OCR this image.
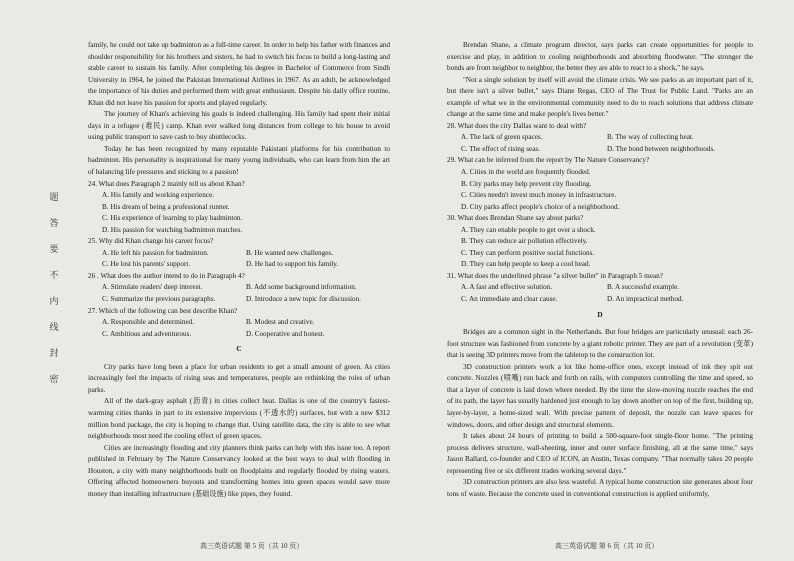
题
答
要
不
内
线
封
密

family, he could not take up badminton as a full-time career. In order to help his father with finances and shoulder responsibility for his brothers and sisters, he had to switch his focus to build a long-lasting and stable career to sustain his family. After completing his degree in Bachelor of Commerce from Sindh University in 1964, he joined the Pakistan International Airlines in 1967. As an adult, he acknowledged the importance of his duties and performed them with great enthusiasm. Despite his daily office routine, Khan did not leave his passion for sports and played regularly.

The journey of Khan's achieving his goals is indeed challenging. His family had spent their initial days in a refugee (难民) camp. Khan ever walked long distances from college to his house to avoid using public transport to save cash to buy shuttlecocks.

Today he has been recognized by many reputable Pakistani platforms for his contribution to badminton. His personality is inspirational for many young individuals, who can learn from him the art of balancing life pressures and sticking to a passion!

24. What does Paragraph 2 mainly tell us about Khan?

A. His family and working experience.
B. His dream of being a professional runner.
C. His experience of learning to play badminton.
D. His passion for watching badminton matches.

25. Why did Khan change his career focus?

A. He left his passion for badminton.	B. He wanted new challenges.
C. He lost his parents' support.	D. He had to support his family.

26 . What does the author intend to do in Paragraph 4?

A. Stimulate readers' deep interest.	B. Add some background information.
C. Summarize the previous paragraphs.	D. Introduce a new topic for discussion.

27. Which of the following can best describe Khan?

A. Responsible and determined.	B. Modest and creative.
C. Ambitious and adventurous.	D. Cooperative and honest.
C

City parks have long been a place for urban residents to get a small amount of green. As cities increasingly feel the impacts of rising seas and temperatures, people are rethinking the roles of urban parks.

All of the dark-gray asphalt (沥青) in cities collect heat. Dallas is one of the country's fastest-warming cities thanks in part to its extensive impervious (不透水的) surfaces, but with a new $312 million bond package, the city is hoping to change that. Using satellite data, the city is able to see what neighborhoods most need the cooling effect of green spaces.

Cities are increasingly flooding and city planners think parks can help with this issue too. A report published in February by The Nature Conservancy looked at the best ways to deal with flooding in Houston, a city with many neighborhoods built on floodplains and regularly flooded by rising waters. Offering affected homeowners buyouts and transforming homes into green spaces would save more money than installing infrastructure (基础设施) like pipes, they found.

Brendan Shane, a climate program director, says parks can create opportunities for people to exercise and play, in addition to cooling neighborhoods and absorbing floodwater. "The stronger the bonds are from neighbor to neighbor, the better they are able to react to a shock," he says.

"Not a single solution by itself will avoid the climate crisis. We see parks as an important part of it, but there isn't a silver bullet," says Diane Regas, CEO of The Trust for Public Land. "Parks are an example of what we in the environmental community need to do to reach solutions that address climate change at the same time and make people's lives better."

28. What does the city Dallas want to deal with?

A. The lack of green spaces.	B. The way of collecting heat.
C. The effect of rising seas.	D. The bond between neighborhoods.

29. What can be inferred from the report by The Nature Conservancy?

A. Cities in the world are frequently flooded.
B. City parks may help prevent city flooding.
C. Cities needn't invest much money in infrastructure.
D. City parks affect people's choice of a neighborhood.

30. What does Brendan Shane say about parks?

A. They can enable people to get over a shock.
B. They can reduce air pollution effectively.
C. They can perform positive social functions.
D. They can help people to keep a cool head.

31. What does the underlined phrase "a silver bullet" in Paragraph 5 mean?

A. A fast and effective solution.	B. A successful example.
C. An immediate and clear cause.	D. An impractical method.
D

Bridges are a common sight in the Netherlands. But four bridges are particularly unusual: each 26-foot structure was fashioned from concrete by a giant robotic printer. They are part of a revolution (变革) that is seeing 3D printers move from the tabletop to the construction lot.

3D construction printers work a lot like home-office ones, except instead of ink they spit out concrete. Nozzles (喷嘴) run back and forth on rails, with computers controlling the time and speed, so that a layer of concrete is laid down where needed. By the time the slow-moving nozzle reaches the end of its path, the layer has usually hardened just enough to lay down another on top of the first, building up, layer-by-layer, a home-sized wall. With precise pattern of deposit, the nozzle can leave spaces for windows, doors, and other design and structural elements.

It takes about 24 hours of printing to build a 500-square-foot single-floor home. "The printing process delivers structure, wall-sheeting, inner and outer surface finishing, all at the same time," says Jason Ballard, co-founder and CEO of ICON, an Austin, Texas company. "That normally takes 20 people representing five or six different trades working several days."

3D construction printers are also less wasteful. A typical home construction site generates about four tons of waste. Because the concrete used in conventional construction is applied uniformly,

高三英语试题 第 5 页（共 10 页）	高三英语试题 第 6 页（共 10 页）
